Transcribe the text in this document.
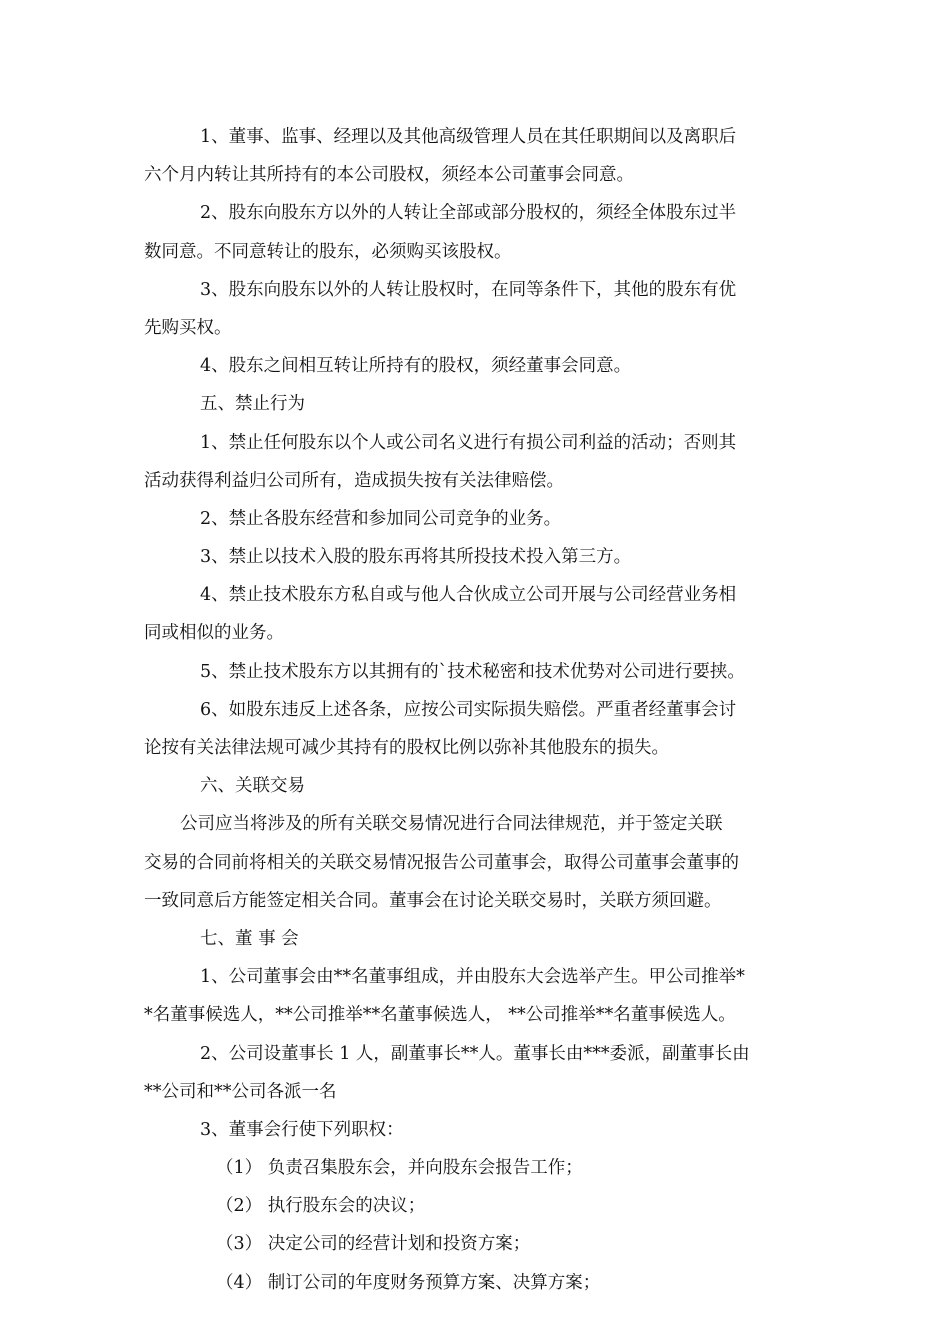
1、董事、监事、经理以及其他高级管理人员在其任职期间以及离职后
六个月内转让其所持有的本公司股权，须经本公司董事会同意。
2、股东向股东方以外的人转让全部或部分股权的，须经全体股东过半
数同意。不同意转让的股东，必须购买该股权。
3、股东向股东以外的人转让股权时，在同等条件下，其他的股东有优
先购买权。
4、股东之间相互转让所持有的股权，须经董事会同意。
五、禁止行为
1、禁止任何股东以个人或公司名义进行有损公司利益的活动；否则其
活动获得利益归公司所有，造成损失按有关法律赔偿。
2、禁止各股东经营和参加同公司竞争的业务。
3、禁止以技术入股的股东再将其所投技术投入第三方。
4、禁止技术股东方私自或与他人合伙成立公司开展与公司经营业务相
同或相似的业务。
5、禁止技术股东方以其拥有的`技术秘密和技术优势对公司进行要挟。
6、如股东违反上述各条，应按公司实际损失赔偿。严重者经董事会讨
论按有关法律法规可减少其持有的股权比例以弥补其他股东的损失。
六、关联交易
公司应当将涉及的所有关联交易情况进行合同法律规范，并于签定关联
交易的合同前将相关的关联交易情况报告公司董事会，取得公司董事会董事的
一致同意后方能签定相关合同。董事会在讨论关联交易时，关联方须回避。
七、董 事 会
1、公司董事会由**名董事组成，并由股东大会选举产生。甲公司推举*
*名董事候选人，**公司推举**名董事候选人， **公司推举**名董事候选人。
2、公司设董事长 1 人，副董事长**人。董事长由***委派，副董事长由
**公司和**公司各派一名
3、董事会行使下列职权：
（1） 负责召集股东会，并向股东会报告工作；
（2） 执行股东会的决议；
（3） 决定公司的经营计划和投资方案；
（4） 制订公司的年度财务预算方案、决算方案；
